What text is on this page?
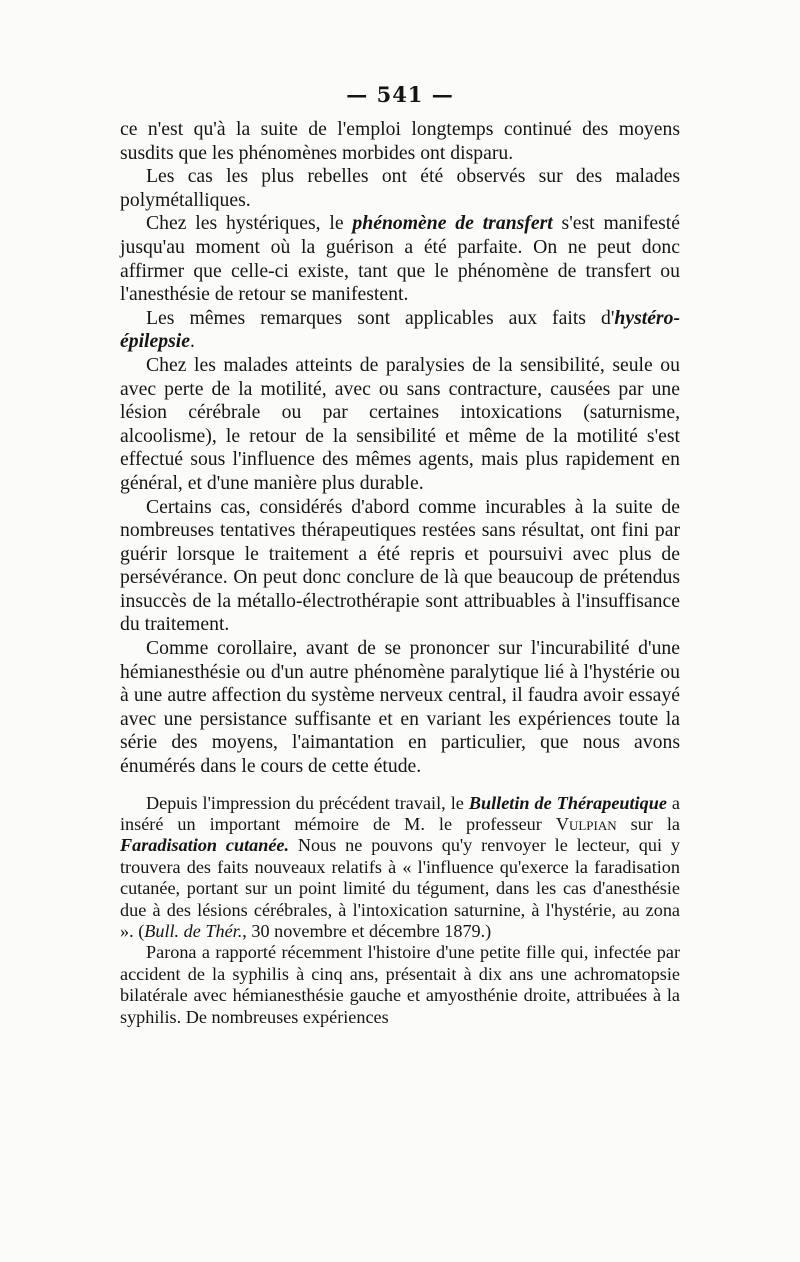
— 541 —

ce n'est qu'à la suite de l'emploi longtemps continué des moyens susdits que les phénomènes morbides ont disparu.

Les cas les plus rebelles ont été observés sur des malades polymétalliques.

Chez les hystériques, le phénomène de transfert s'est manifesté jusqu'au moment où la guérison a été parfaite. On ne peut donc affirmer que celle-ci existe, tant que le phénomène de transfert ou l'anesthésie de retour se manifestent.

Les mêmes remarques sont applicables aux faits d'hystéro-épilepsie.

Chez les malades atteints de paralysies de la sensibilité, seule ou avec perte de la motilité, avec ou sans contracture, causées par une lésion cérébrale ou par certaines intoxications (saturnisme, alcoolisme), le retour de la sensibilité et même de la motilité s'est effectué sous l'influence des mêmes agents, mais plus rapidement en général, et d'une manière plus durable.

Certains cas, considérés d'abord comme incurables à la suite de nombreuses tentatives thérapeutiques restées sans résultat, ont fini par guérir lorsque le traitement a été repris et poursuivi avec plus de persévérance. On peut donc conclure de là que beaucoup de prétendus insuccès de la métallo-électrothérapie sont attribuables à l'insuffisance du traitement.

Comme corollaire, avant de se prononcer sur l'incurabilité d'une hémianesthésie ou d'un autre phénomène paralytique lié à l'hystérie ou à une autre affection du système nerveux central, il faudra avoir essayé avec une persistance suffisante et en variant les expériences toute la série des moyens, l'aimantation en particulier, que nous avons énumérés dans le cours de cette étude.

Depuis l'impression du précédent travail, le Bulletin de Thérapeutique a inséré un important mémoire de M. le professeur Vulpian sur la Faradisation cutanée. Nous ne pouvons qu'y renvoyer le lecteur, qui y trouvera des faits nouveaux relatifs à « l'influence qu'exerce la faradisation cutanée, portant sur un point limité du tégument, dans les cas d'anesthésie due à des lésions cérébrales, à l'intoxication saturnine, à l'hystérie, au zona ». (Bull. de Thér., 30 novembre et décembre 1879.)

Parona a rapporté récemment l'histoire d'une petite fille qui, infectée par accident de la syphilis à cinq ans, présentait à dix ans une achromatopsie bilatérale avec hémianesthésie gauche et amyosthénie droite, attribuées à la syphilis. De nombreuses expériences
